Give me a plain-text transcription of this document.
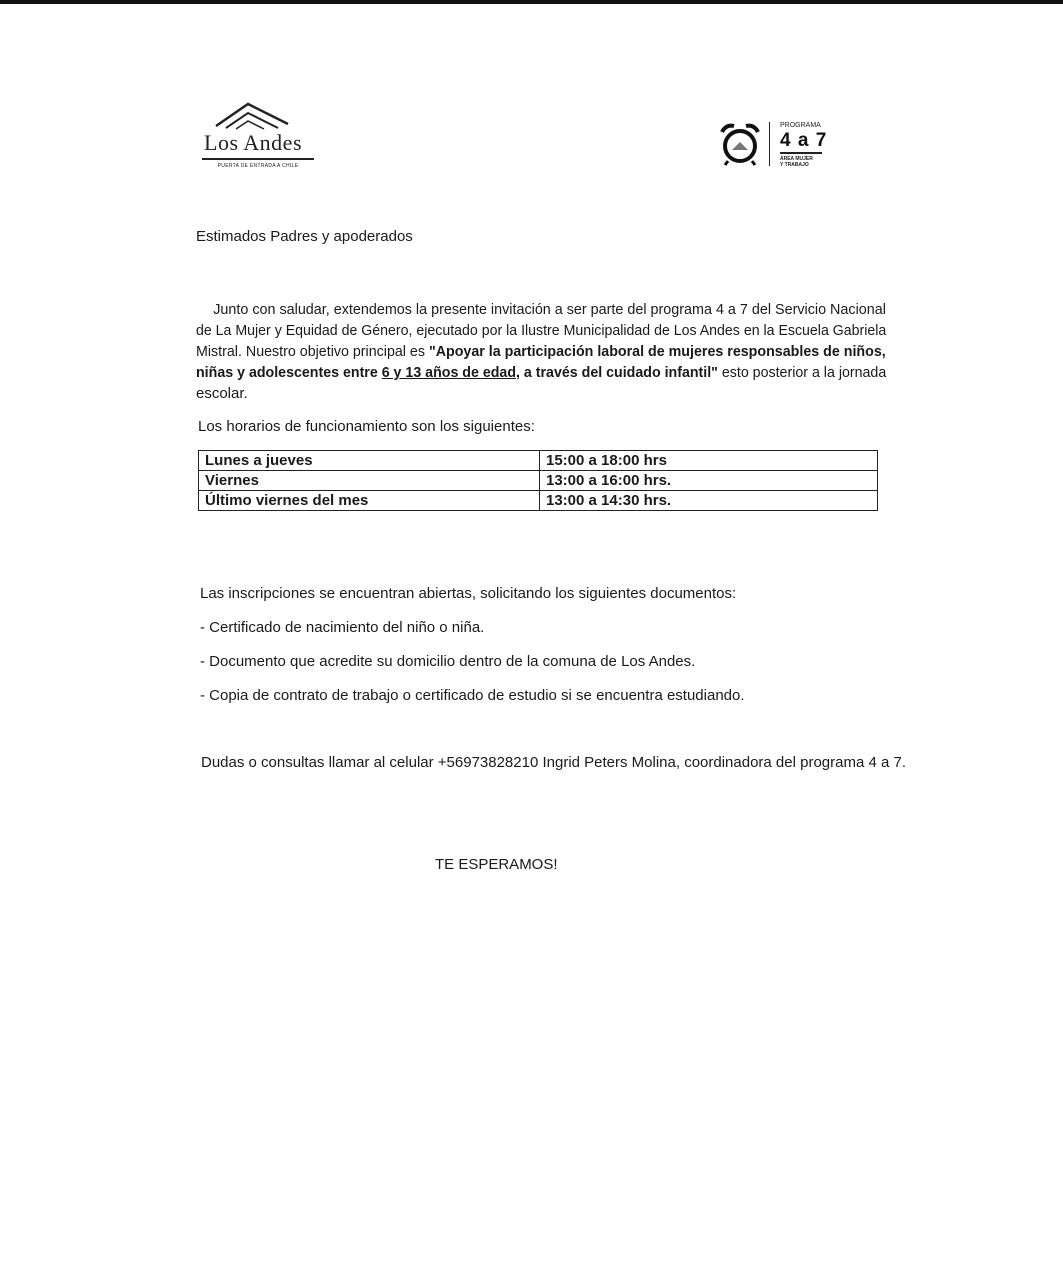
Los Andes
PUERTA DE ENTRADA A CHILE
PROGRAMA
4 a 7
ÁREA MUJER
Y TRABAJO
Estimados Padres y apoderados
Junto con saludar, extendemos la presente invitación a ser parte del programa 4 a 7 del Servicio Nacional
de La Mujer y Equidad de Género, ejecutado por la Ilustre Municipalidad de Los Andes en la Escuela Gabriela
Mistral. Nuestro objetivo principal es "Apoyar la participación laboral de mujeres responsables de niños,
niñas y adolescentes entre 6 y 13 años de edad, a través del cuidado infantil" esto posterior a la jornada
escolar.
Los horarios de funcionamiento son los siguientes:
Lunes a jueves	15:00 a 18:00 hrs
Viernes	13:00 a 16:00 hrs.
Último viernes del mes	13:00 a 14:30 hrs.
Las inscripciones se encuentran abiertas, solicitando los siguientes documentos:
- Certificado de nacimiento del niño o niña.
- Documento que acredite su domicilio dentro de la comuna de Los Andes.
- Copia de contrato de trabajo o certificado de estudio si se encuentra estudiando.
Dudas o consultas llamar al celular +56973828210 Ingrid Peters Molina, coordinadora del programa 4 a 7.
TE ESPERAMOS!
